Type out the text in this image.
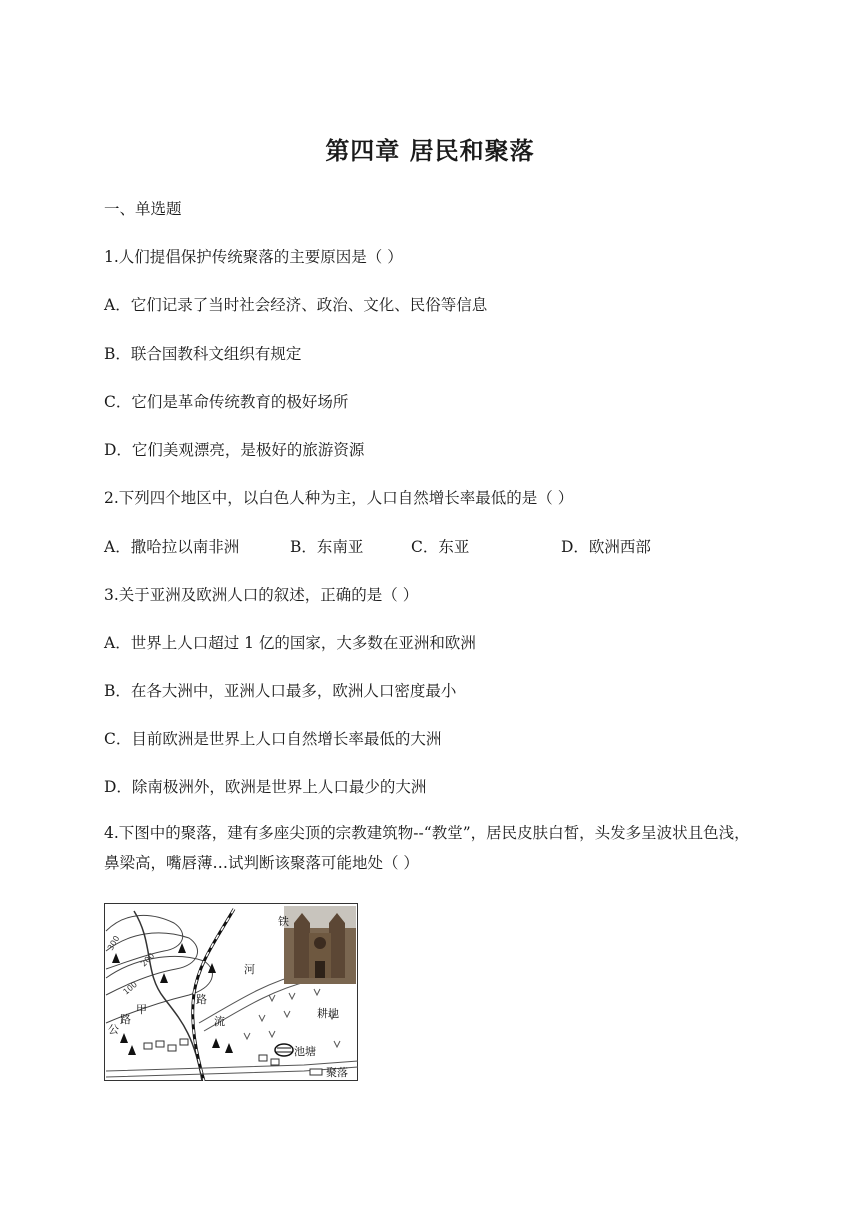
第四章 居民和聚落
一、单选题
1.人们提倡保护传统聚落的主要原因是（ ）
A．它们记录了当时社会经济、政治、文化、民俗等信息
B．联合国教科文组织有规定
C．它们是革命传统教育的极好场所
D．它们美观漂亮，是极好的旅游资源
2.下列四个地区中，以白色人种为主，人口自然增长率最低的是（ ）
A．撒哈拉以南非洲	B．东南亚	C．东亚	D．欧洲西部
3.关于亚洲及欧洲人口的叙述，正确的是（ ）
A．世界上人口超过 1 亿的国家，大多数在亚洲和欧洲
B．在各大洲中，亚洲人口最多，欧洲人口密度最小
C．目前欧洲是世界上人口自然增长率最低的大洲
D．除南极洲外，欧洲是世界上人口最少的大洲
4.下图中的聚落，建有多座尖顶的宗教建筑物--“教堂”，居民皮肤白皙，头发多呈波状且色浅，鼻梁高，嘴唇薄…试判断该聚落可能地处（ ）
300
200
100
铁
河
流
路
耕地
池塘
公
路
甲
聚落
